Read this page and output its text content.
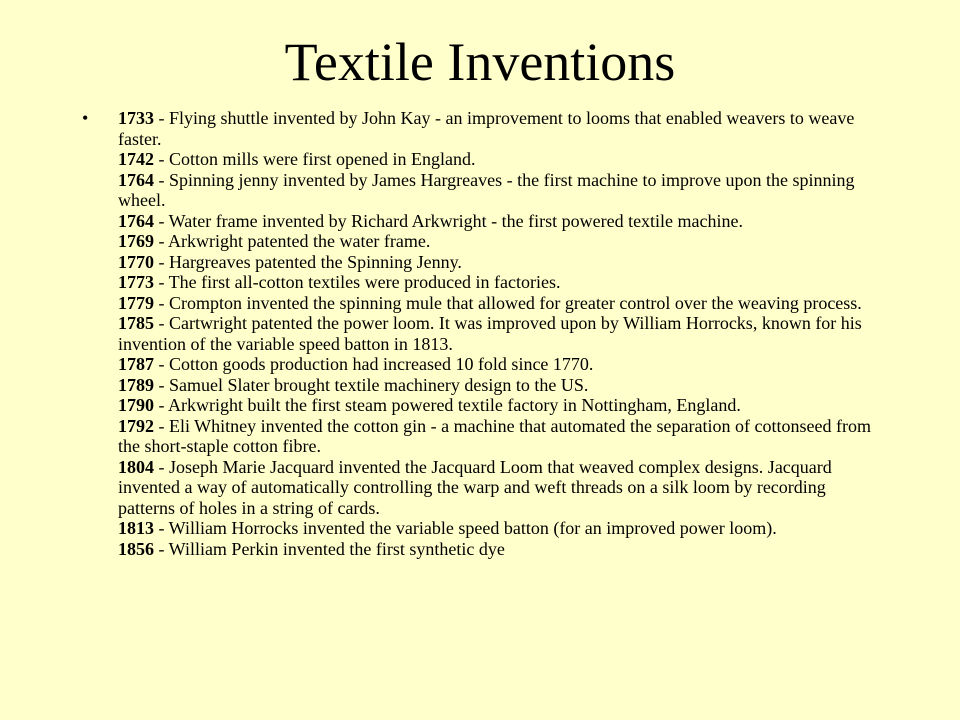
Textile Inventions
• 1733 - Flying shuttle invented by John Kay - an improvement to looms that enabled weavers to weave faster.
1742 - Cotton mills were first opened in England.
1764 - Spinning jenny invented by James Hargreaves - the first machine to improve upon the spinning wheel.
1764 - Water frame invented by Richard Arkwright - the first powered textile machine.
1769 - Arkwright patented the water frame.
1770 - Hargreaves patented the Spinning Jenny.
1773 - The first all-cotton textiles were produced in factories.
1779 - Crompton invented the spinning mule that allowed for greater control over the weaving process.
1785 - Cartwright patented the power loom. It was improved upon by William Horrocks, known for his invention of the variable speed batton in 1813.
1787 - Cotton goods production had increased 10 fold since 1770.
1789 - Samuel Slater brought textile machinery design to the US.
1790 - Arkwright built the first steam powered textile factory in Nottingham, England.
1792 - Eli Whitney invented the cotton gin - a machine that automated the separation of cottonseed from the short-staple cotton fibre.
1804 - Joseph Marie Jacquard invented the Jacquard Loom that weaved complex designs. Jacquard invented a way of automatically controlling the warp and weft threads on a silk loom by recording patterns of holes in a string of cards.
1813 - William Horrocks invented the variable speed batton (for an improved power loom).
1856 - William Perkin invented the first synthetic dye
